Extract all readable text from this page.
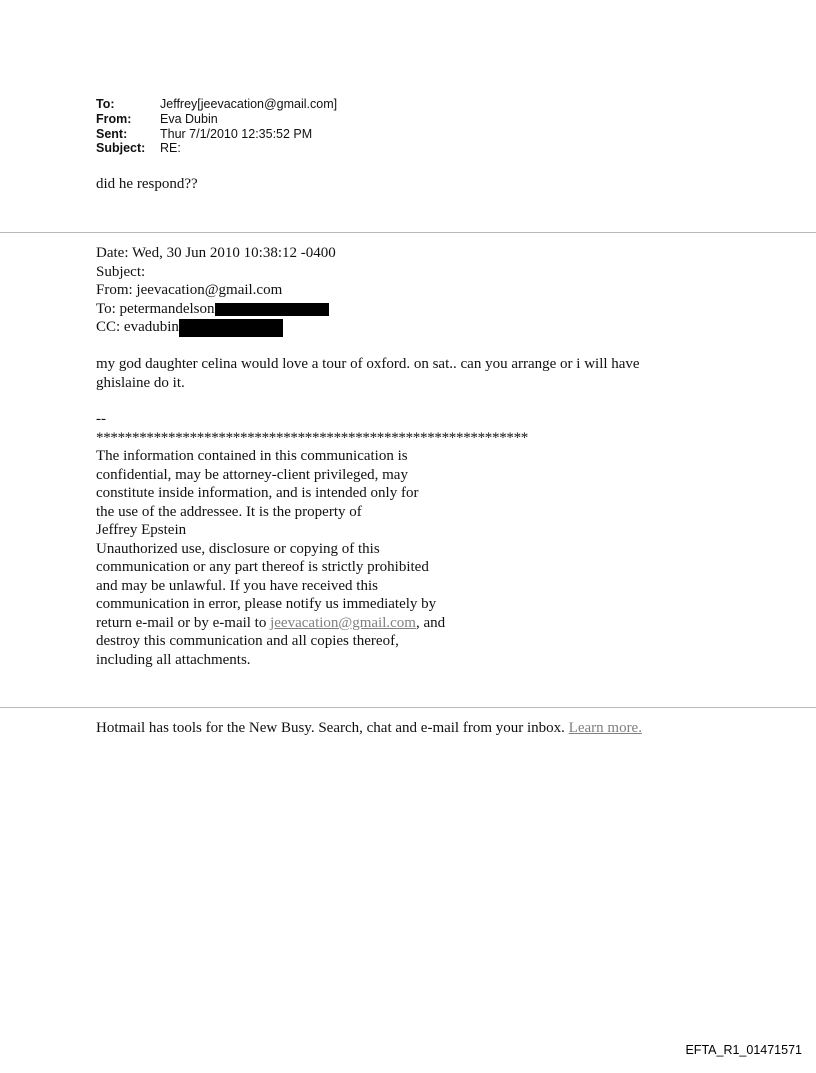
To:	Jeffrey[jeevacation@gmail.com]
From:	Eva Dubin
Sent:	Thur 7/1/2010 12:35:52 PM
Subject:	RE:
did he respond??
Date: Wed, 30 Jun 2010 10:38:12 -0400
Subject:
From: jeevacation@gmail.com
To: petermandelson
CC: evadubin
my god daughter celina would love a tour of oxford. on sat.. can you arrange or i will have
ghislaine do it.
--
************************************************************
The information contained in this communication is
confidential, may be attorney-client privileged, may
constitute inside information, and is intended only for
the use of the addressee. It is the property of
Jeffrey Epstein
Unauthorized use, disclosure or copying of this
communication or any part thereof is strictly prohibited
and may be unlawful. If you have received this
communication in error, please notify us immediately by
return e-mail or by e-mail to jeevacation@gmail.com, and
destroy this communication and all copies thereof,
including all attachments.
Hotmail has tools for the New Busy. Search, chat and e-mail from your inbox. Learn more.
EFTA_R1_01471571
